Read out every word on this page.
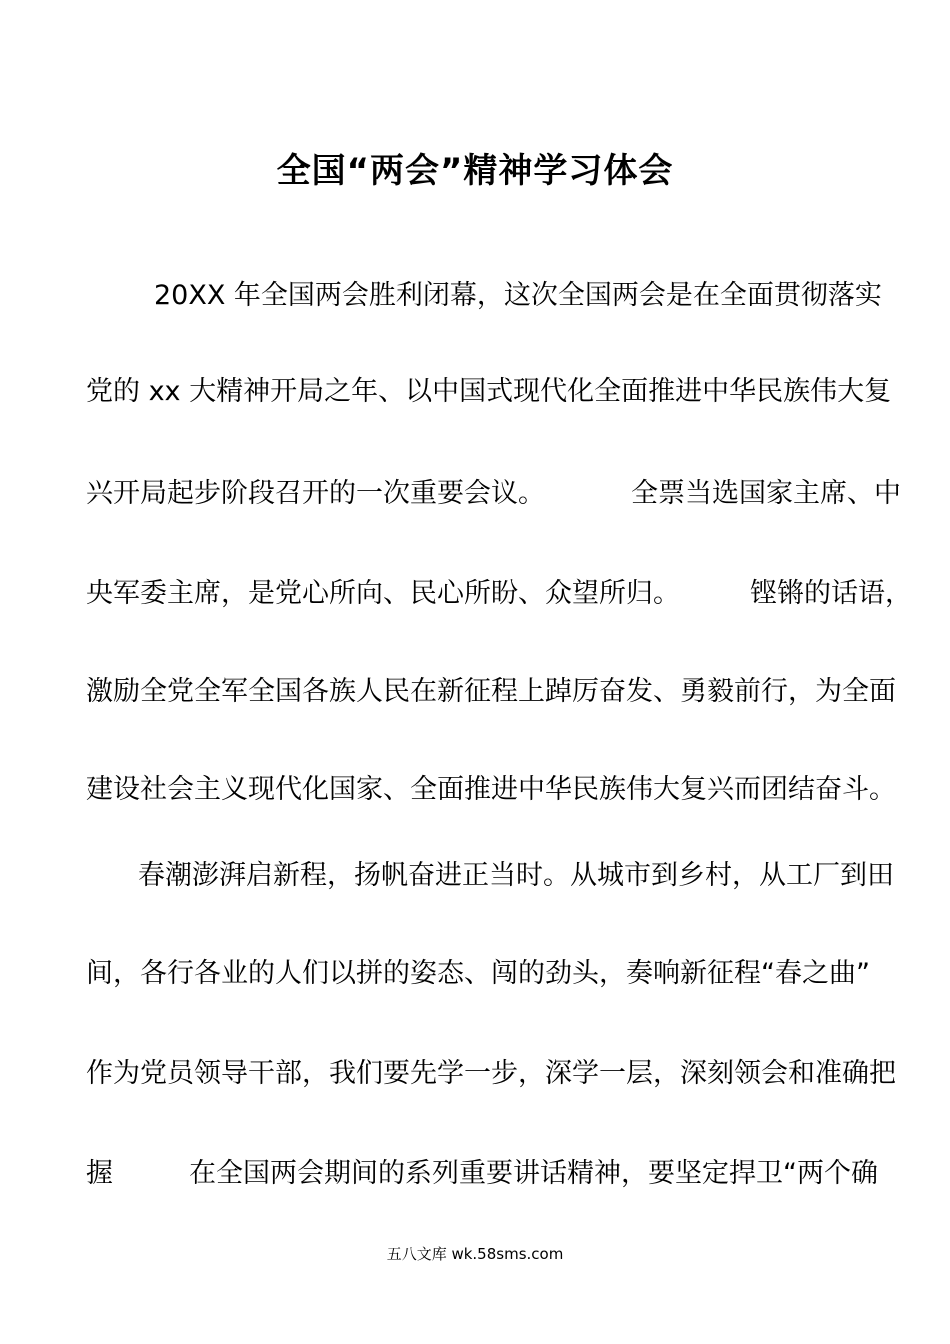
全国“两会”精神学习体会
20XX 年全国两会胜利闭幕，这次全国两会是在全面贯彻落实
党的 xx 大精神开局之年、以中国式现代化全面推进中华民族伟大复
兴开局起步阶段召开的一次重要会议。	全票当选国家主席、中
央军委主席，是党心所向、民心所盼、众望所归。	铿锵的话语，
激励全党全军全国各族人民在新征程上踔厉奋发、勇毅前行，为全面
建设社会主义现代化国家、全面推进中华民族伟大复兴而团结奋斗。
春潮澎湃启新程，扬帆奋进正当时。从城市到乡村，从工厂到田
间，各行各业的人们以拼的姿态、闯的劲头，奏响新征程“春之曲”
作为党员领导干部，我们要先学一步，深学一层，深刻领会和准确把
握	在全国两会期间的系列重要讲话精神，要坚定捍卫“两个确
五八文库 wk.58sms.com
